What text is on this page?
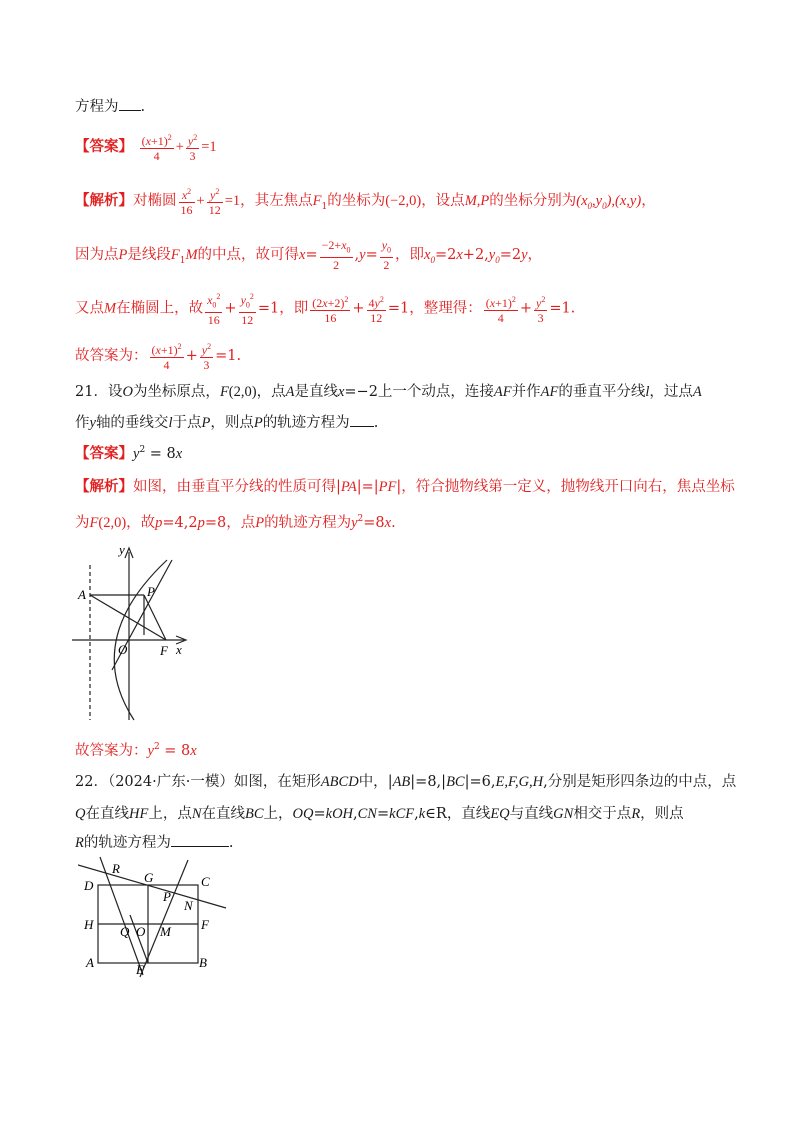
方程为 .
【答案】 $\frac{(x+1)^2}{4} + \frac{y^2}{3} =1$
【解析】对椭圆 $\frac{x^2}{16} + \frac{y^2}{12} =1$，其左焦点$F_1$的坐标为(−2,0)，设点M,P的坐标分别为$(x_0,y_0),(x,y)$，
因为点P是线段$F_1M$的中点，故可得$x= \frac{-2+x_0}{2} ,y= \frac{y_0}{2}$ ，即$x_0=2x+2,y_0=2y$，
又点M在椭圆上，故 $\frac{x_0^2}{16} + \frac{y_0^2}{12} =1$，即 $\frac{(2x+2)^2}{16} + \frac{4y^2}{12} =1$，整理得： $\frac{(x+1)^2}{4} + \frac{y^2}{3} =1$.
故答案为： $\frac{(x+1)^2}{4} + \frac{y^2}{3} =1$.
21．设O为坐标原点，F(2,0)，点A是直线x=−2上一个动点，连接AF并作AF的垂直平分线l，过点A
作y轴的垂线交l于点P，则点P的轨迹方程为 .
【答案】$y^2 = 8x$
【解析】如图，由垂直平分线的性质可得|PA|=|PF|，符合抛物线第一定义，抛物线开口向右，焦点坐标
为F(2,0)，故p=4,2p=8，点P的轨迹方程为$y^2=8x$.
y
A	P
O	F x
故答案为：$y^2 = 8x$
22．（2024·广东·一模）如图，在矩形ABCD中，|AB|=8,|BC|=6,E,F,G,H,分别是矩形四条边的中点，点
Q在直线HF上，点N在直线BC上，OQ=kOH,CN=kCF,k∈R，直线EQ与直线GN相交于点R，则点
R的轨迹方程为	.
R
D
G	C
P
N
H Q O M F
A	E	B
